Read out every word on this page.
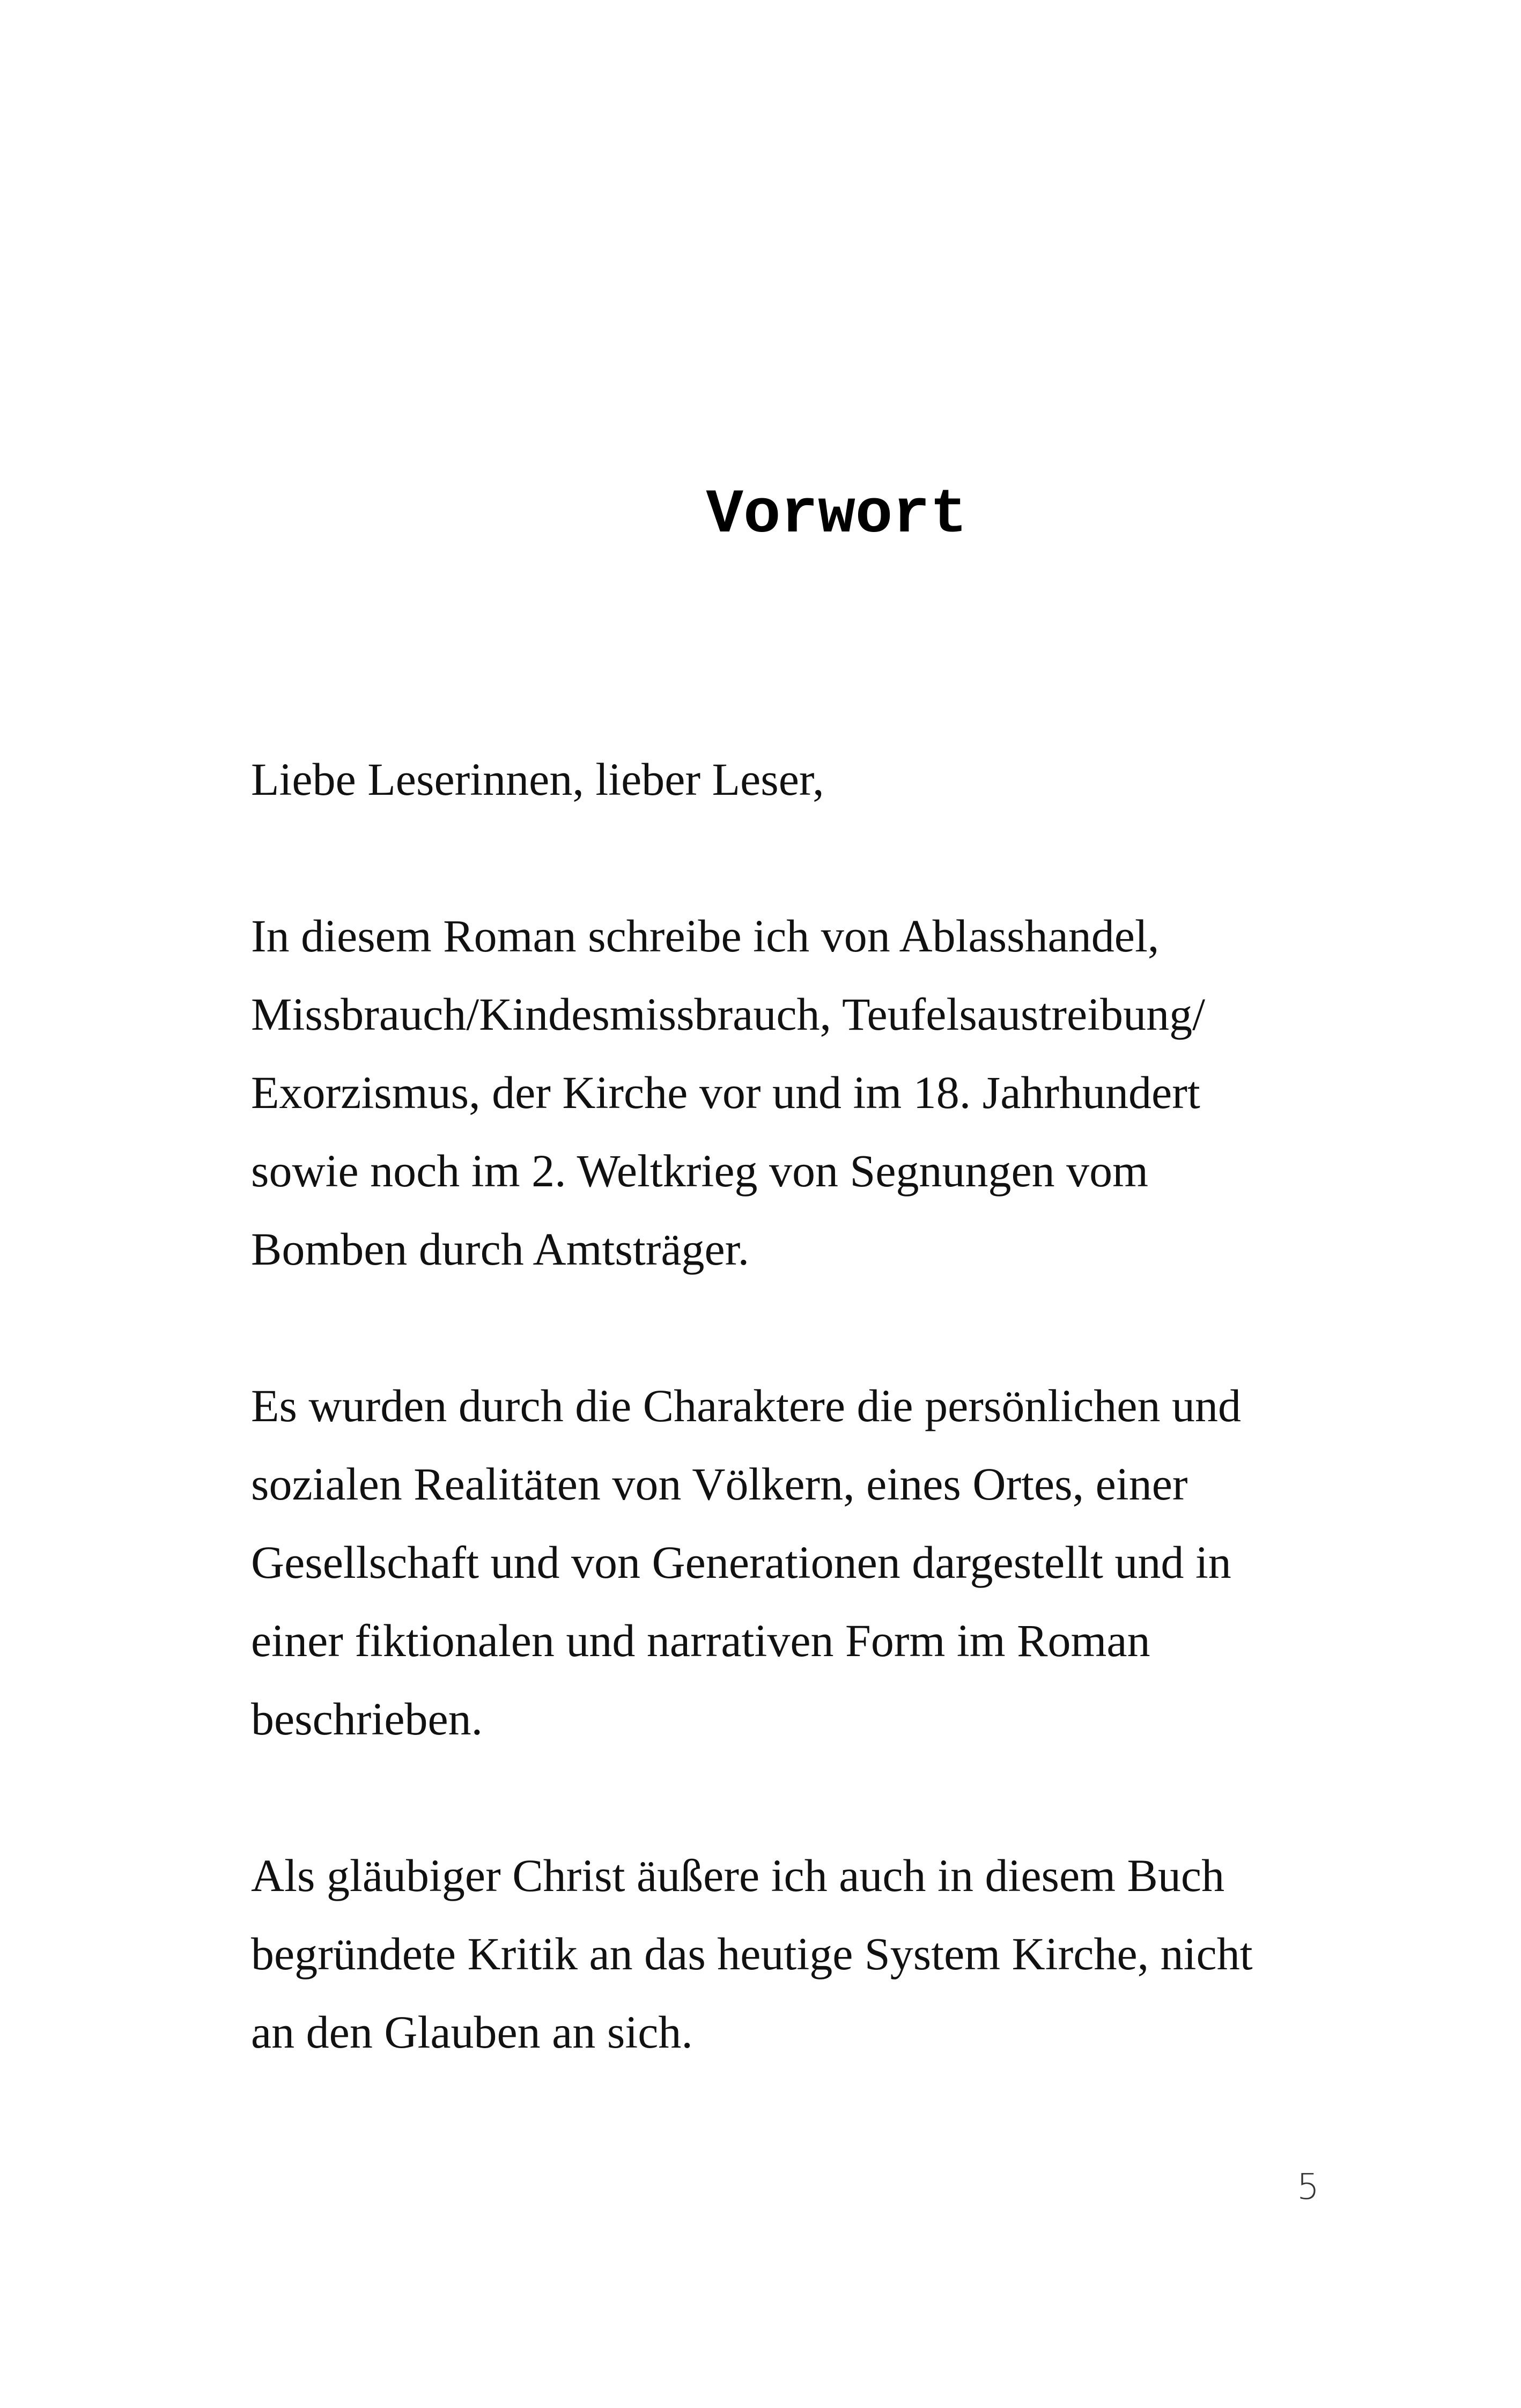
Vorwort

Liebe Leserinnen, lieber Leser,

In diesem Roman schreibe ich von Ablasshandel,
Missbrauch/Kindesmissbrauch, Teufelsaustreibung/
Exorzismus, der Kirche vor und im 18. Jahrhundert
sowie noch im 2. Weltkrieg von Segnungen vom
Bomben durch Amtsträger.

Es wurden durch die Charaktere die persönlichen und
sozialen Realitäten von Völkern, eines Ortes, einer
Gesellschaft und von Generationen dargestellt und in
einer fiktionalen und narrativen Form im Roman
beschrieben.

Als gläubiger Christ äußere ich auch in diesem Buch
begründete Kritik an das heutige System Kirche, nicht
an den Glauben an sich.

5
